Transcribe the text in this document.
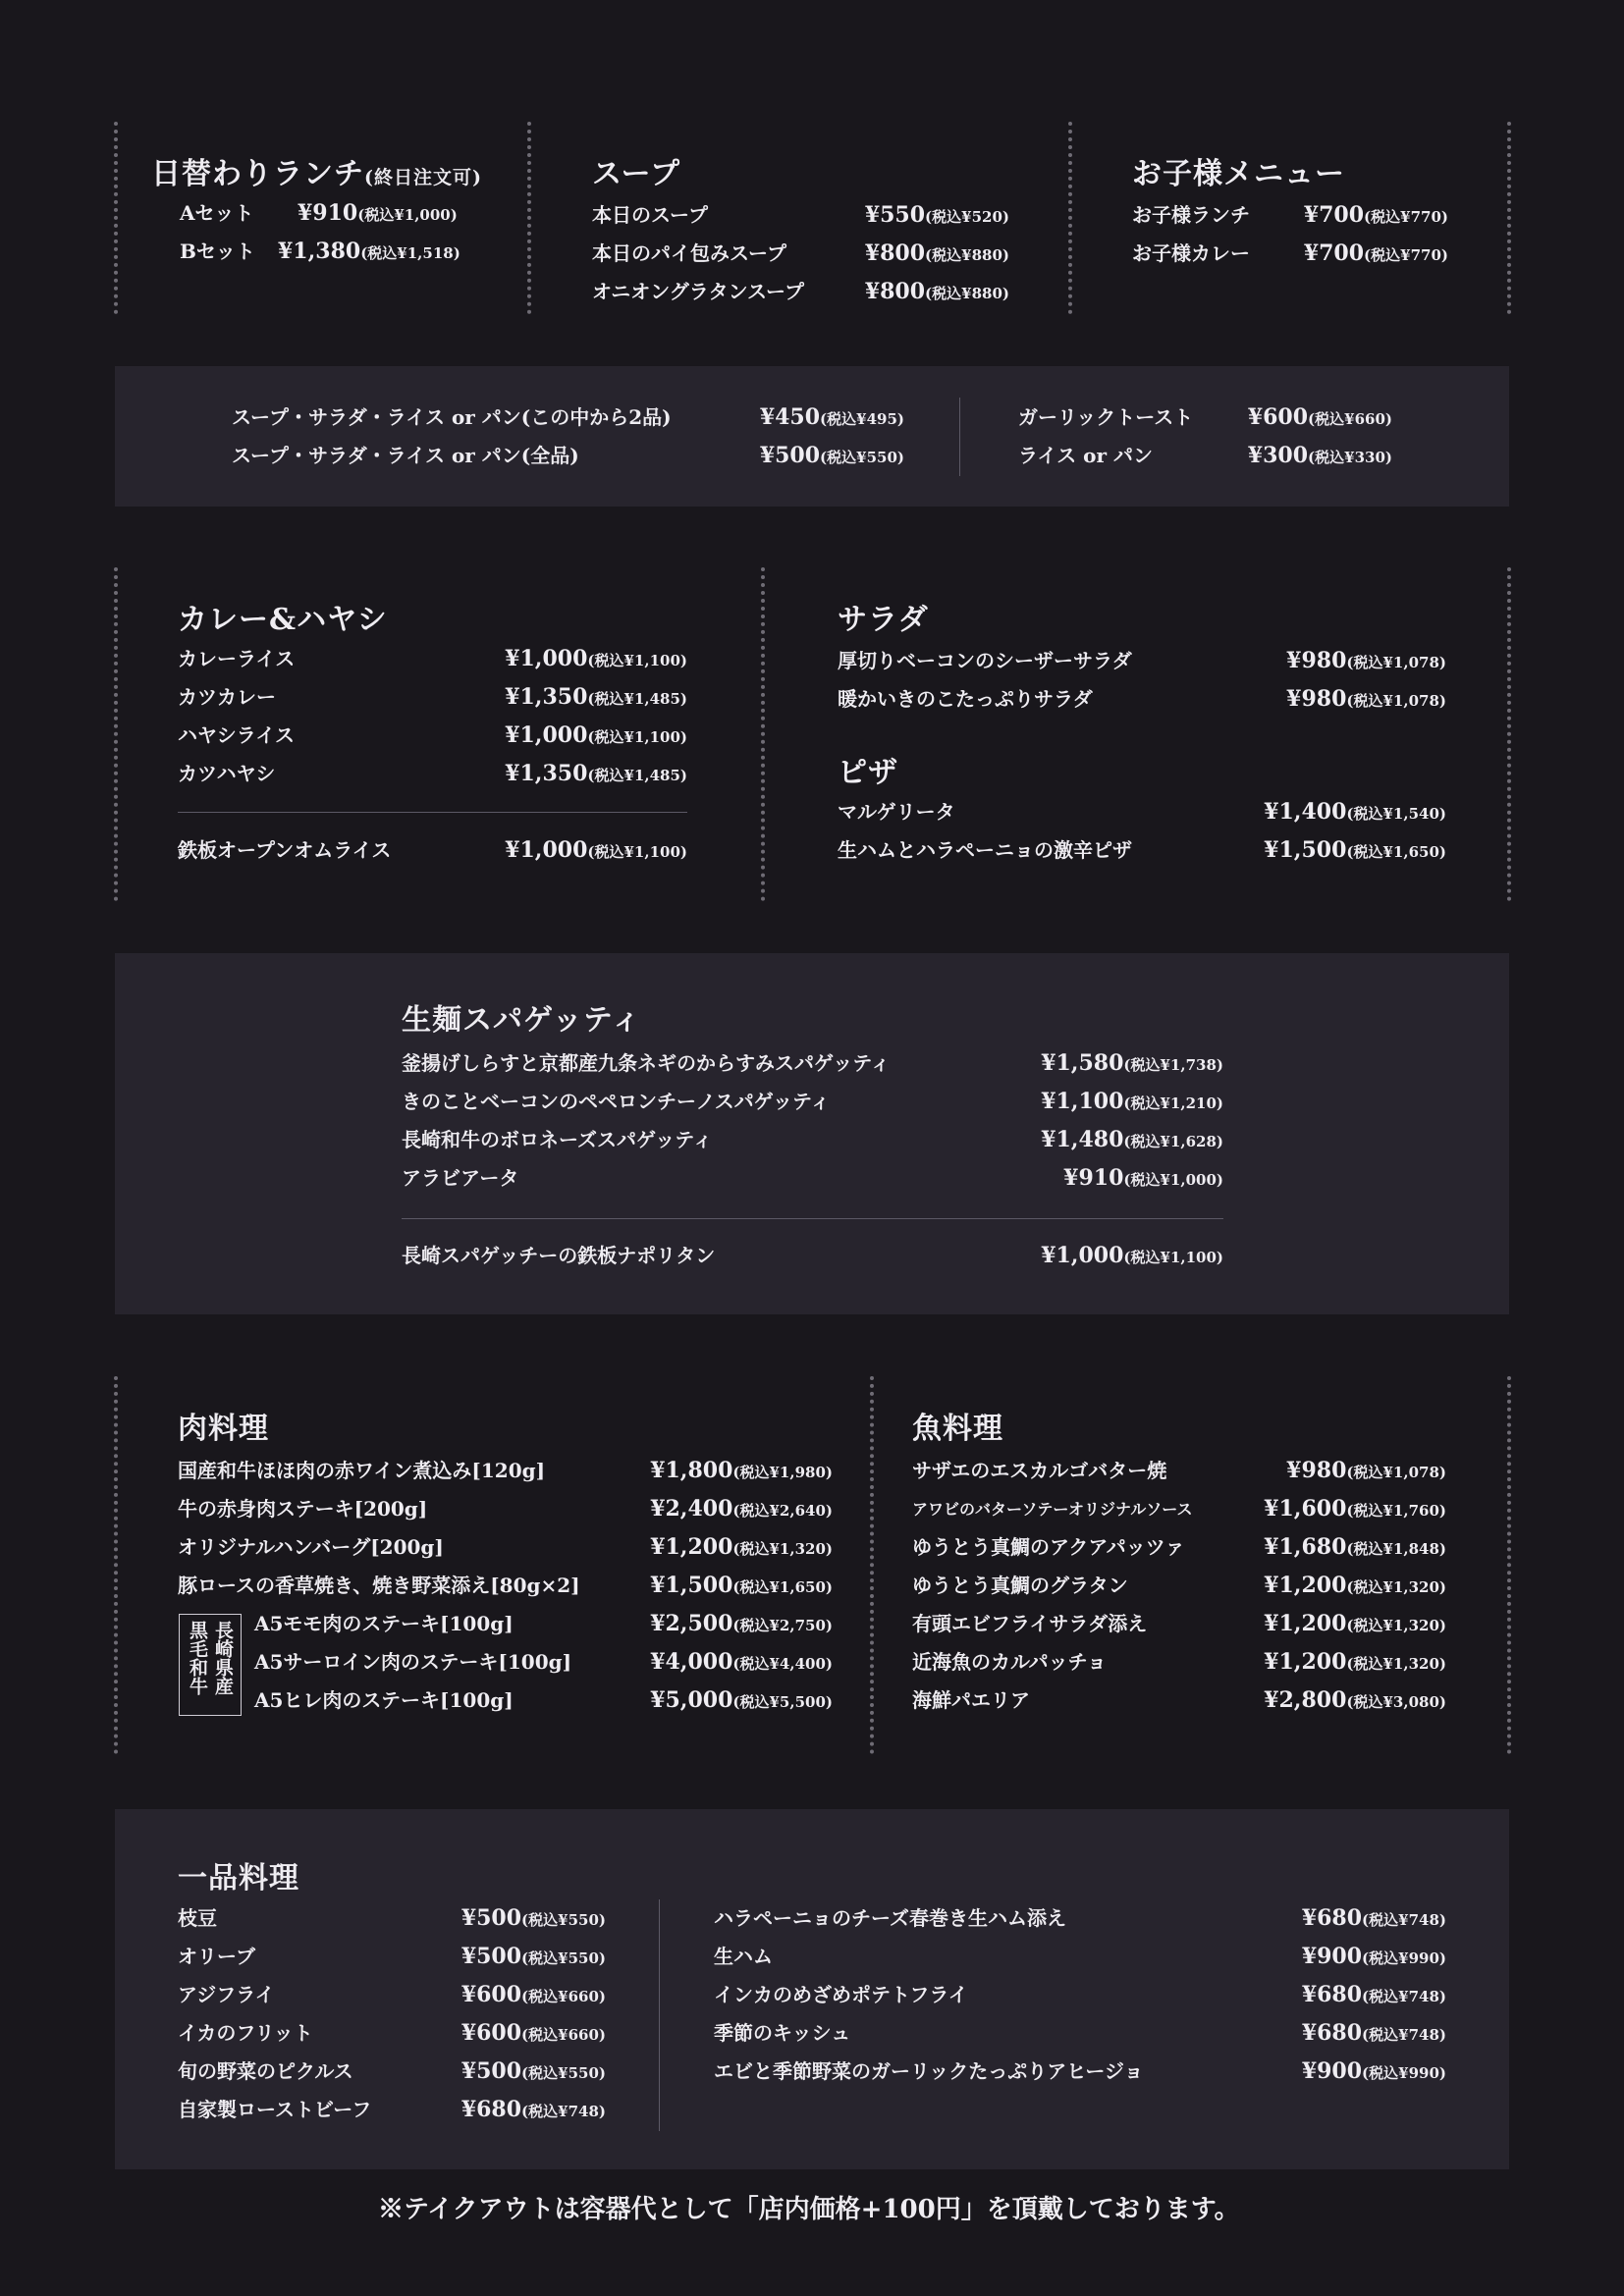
日替わりランチ(終日注文可)
Aセット ¥910(税込¥1,000)
Bセット ¥1,380(税込¥1,518)
スープ
本日のスープ	¥550(税込¥520)
本日のパイ包みスープ	¥800(税込¥880)
オニオングラタンスープ	¥800(税込¥880)
お子様メニュー
お子様ランチ ¥700(税込¥770)
お子様カレー ¥700(税込¥770)
スープ・サラダ・ライス or パン(この中から2品)	¥450(税込¥495)
スープ・サラダ・ライス or パン(全品)	¥500(税込¥550)
ガーリックトースト	¥600(税込¥660)
ライス or パン	¥300(税込¥330)
カレー&ハヤシ
カレーライス	¥1,000(税込¥1,100)
カツカレー	¥1,350(税込¥1,485)
ハヤシライス	¥1,000(税込¥1,100)
カツハヤシ	¥1,350(税込¥1,485)
鉄板オープンオムライス	¥1,000(税込¥1,100)
サラダ
厚切りベーコンのシーザーサラダ	¥980(税込¥1,078)
暖かいきのこたっぷりサラダ	¥980(税込¥1,078)
ピザ
マルゲリータ	¥1,400(税込¥1,540)
生ハムとハラペーニョの激辛ピザ	¥1,500(税込¥1,650)
生麺スパゲッティ
釜揚げしらすと京都産九条ネギのからすみスパゲッティ	¥1,580(税込¥1,738)
きのことベーコンのペペロンチーノスパゲッティ	¥1,100(税込¥1,210)
長崎和牛のボロネーズスパゲッティ	¥1,480(税込¥1,628)
アラビアータ	¥910(税込¥1,000)
長崎スパゲッチーの鉄板ナポリタン	¥1,000(税込¥1,100)
肉料理
国産和牛ほほ肉の赤ワイン煮込み[120g]	¥1,800(税込¥1,980)
牛の赤身肉ステーキ[200g]	¥2,400(税込¥2,640)
オリジナルハンバーグ[200g]	¥1,200(税込¥1,320)
豚ロースの香草焼き、焼き野菜添え[80g×2]	¥1,500(税込¥1,650)
長崎県産
黒毛和牛 A5モモ肉のステーキ[100g]	¥2,500(税込¥2,750)
A5サーロイン肉のステーキ[100g]	¥4,000(税込¥4,400)
A5ヒレ肉のステーキ[100g]	¥5,000(税込¥5,500)
魚料理
サザエのエスカルゴバター焼	¥980(税込¥1,078)
アワビのバターソテーオリジナルソース	¥1,600(税込¥1,760)
ゆうとう真鯛のアクアパッツァ	¥1,680(税込¥1,848)
ゆうとう真鯛のグラタン	¥1,200(税込¥1,320)
有頭エビフライサラダ添え	¥1,200(税込¥1,320)
近海魚のカルパッチョ	¥1,200(税込¥1,320)
海鮮パエリア	¥2,800(税込¥3,080)
一品料理
枝豆	¥500(税込¥550)
オリーブ	¥500(税込¥550)
アジフライ	¥600(税込¥660)
イカのフリット	¥600(税込¥660)
旬の野菜のピクルス	¥500(税込¥550)
自家製ローストビーフ	¥680(税込¥748)
ハラペーニョのチーズ春巻き生ハム添え	¥680(税込¥748)
生ハム	¥900(税込¥990)
インカのめざめポテトフライ	¥680(税込¥748)
季節のキッシュ	¥680(税込¥748)
エビと季節野菜のガーリックたっぷりアヒージョ	¥900(税込¥990)
※テイクアウトは容器代として「店内価格+100円」を頂戴しております。
